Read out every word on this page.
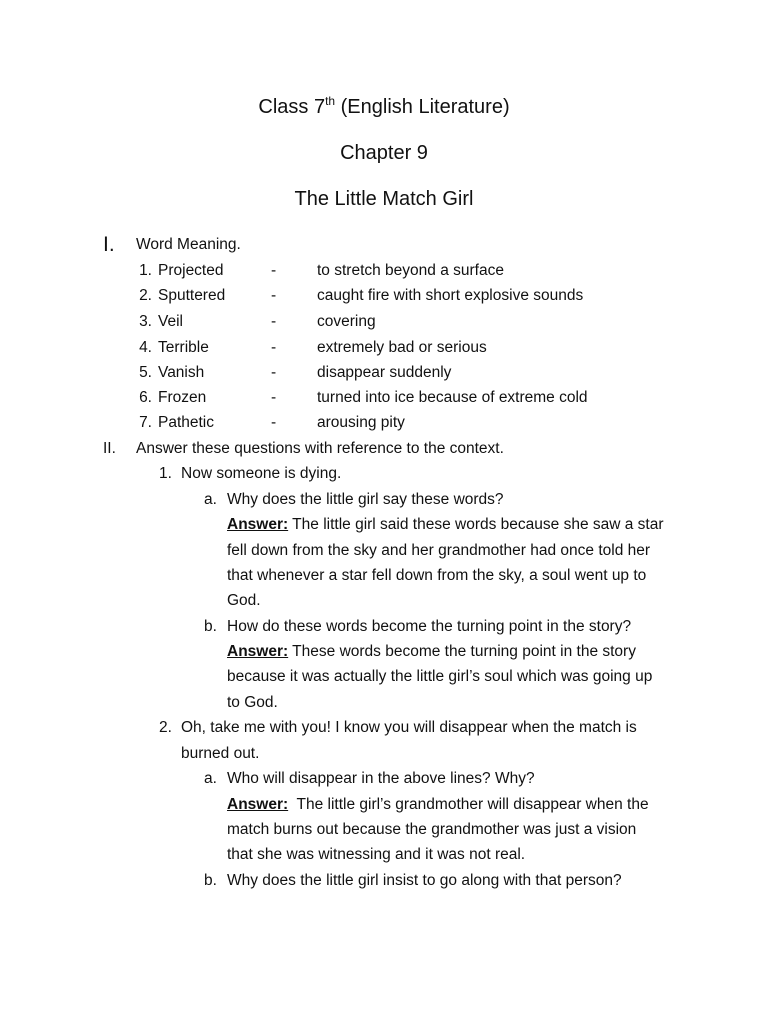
Class 7th (English Literature)
Chapter 9
The Little Match Girl
I. Word Meaning.
1. Projected	-	to stretch beyond a surface
2. Sputtered	-	caught fire with short explosive sounds
3. Veil	-	covering
4. Terrible	-	extremely bad or serious
5. Vanish	-	disappear suddenly
6. Frozen	-	turned into ice because of extreme cold
7. Pathetic	-	arousing pity
II. Answer these questions with reference to the context.
1. Now someone is dying.
a. Why does the little girl say these words?
Answer: The little girl said these words because she saw a star
fell down from the sky and her grandmother had once told her
that whenever a star fell down from the sky, a soul went up to
God.
b. How do these words become the turning point in the story?
Answer: These words become the turning point in the story
because it was actually the little girl’s soul which was going up
to God.
2. Oh, take me with you! I know you will disappear when the match is
burned out.
a. Who will disappear in the above lines? Why?
Answer:  The little girl’s grandmother will disappear when the
match burns out because the grandmother was just a vision
that she was witnessing and it was not real.
b. Why does the little girl insist to go along with that person?
